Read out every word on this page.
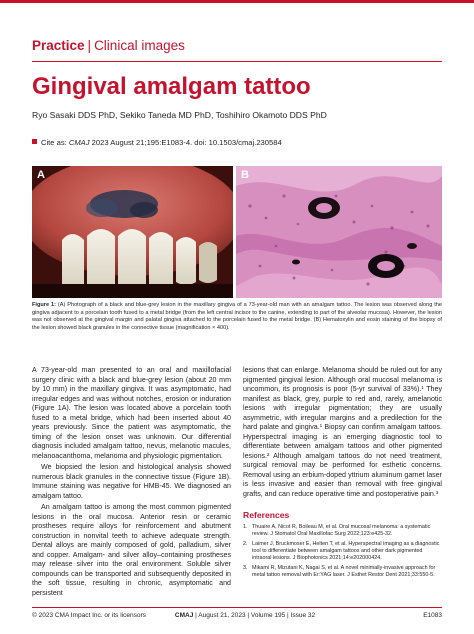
Practice | Clinical images
Gingival amalgam tattoo
Ryo Sasaki DDS PhD, Sekiko Taneda MD PhD, Toshihiro Okamoto DDS PhD
Cite as: CMAJ 2023 August 21;195:E1083-4. doi: 10.1503/cmaj.230584
A	B
Figure 1: (A) Photograph of a black and blue-grey lesion in the maxillary gingiva of a 73-year-old man with an amalgam tattoo. The lesion was observed along the gingiva adjacent to a porcelain tooth fused to a metal bridge (from the left central incisor to the canine, extending to part of the alveolar mucosa). However, the lesion was not observed at the gingival margin and palatal gingiva attached to the porcelain fused to the metal bridge. (B) Hematoxylin and eosin staining of the biopsy of the lesion showed black granules in the connective tissue (magnification × 400).

A 73-year-old man presented to an oral and maxillofacial surgery clinic with a black and blue-grey lesion (about 20 mm by 10 mm) in the maxillary gingiva. It was asymptomatic, had irregular edges and was without notches, erosion or induration (Figure 1A). The lesion was located above a porcelain tooth fused to a metal bridge, which had been inserted about 40 years previously. Since the patient was asymptomatic, the timing of the lesion onset was unknown. Our differential diagnosis included amalgam tattoo, nevus, melanotic macules, melanoacanthoma, melanoma and physiologic pigmentation.

We biopsied the lesion and histological analysis showed numerous black granules in the connective tissue (Figure 1B). Immune staining was negative for HMB-45. We diagnosed an amalgam tattoo.

An amalgam tattoo is among the most common pigmented lesions in the oral mucosa. Anterior resin or ceramic prostheses require alloys for reinforcement and abutment construction in nonvital teeth to achieve adequate strength. Dental alloys are mainly composed of gold, palladium, silver and copper. Amalgam- and silver alloy–containing prostheses may release silver into the oral environment. Soluble silver compounds can be transported and subsequently deposited in the soft tissue, resulting in chronic, asymptomatic and persistent

lesions that can enlarge. Melanoma should be ruled out for any pigmented gingival lesion. Although oral mucosal melanoma is uncommon, its prognosis is poor (5-yr survival of 33%).¹ They manifest as black, grey, purple to red and, rarely, amelanotic lesions with irregular pigmentation; they are usually asymmetric, with irregular margins and a predilection for the hard palate and gingiva.¹ Biopsy can confirm amalgam tattoos. Hyperspectral imaging is an emerging diagnostic tool to differentiate between amalgam tattoos and other pigmented lesions.² Although amalgam tattoos do not need treatment, surgical removal may be performed for esthetic concerns. Removal using an erbium-doped yttrium aluminum garnet laser is less invasive and easier than removal with free gingival grafts, and can reduce operative time and postoperative pain.³

References
1. Thuaire A, Nicot R, Boileau M, et al. Oral mucosal melanoma: a systematic review. J Stomatol Oral Maxillofac Surg 2022;123:e425-32.
2. Laimer J, Bruckmoser E, Helten T, et al. Hyperspectral imaging as a diagnostic tool to differentiate between amalgam tattoos and other dark pigmented intraoral lesions. J Biophotonics 2021;14:e202000424.
3. Mikami R, Mizutani K, Nagai S, et al. A novel minimally-invasive approach for metal tattoo removal with Er:YAG laser. J Esthet Restor Dent 2021;33:550-5.
© 2023 CMA Impact Inc. or its licensors	CMAJ | August 21, 2023 | Volume 195 | Issue 32	E1083
